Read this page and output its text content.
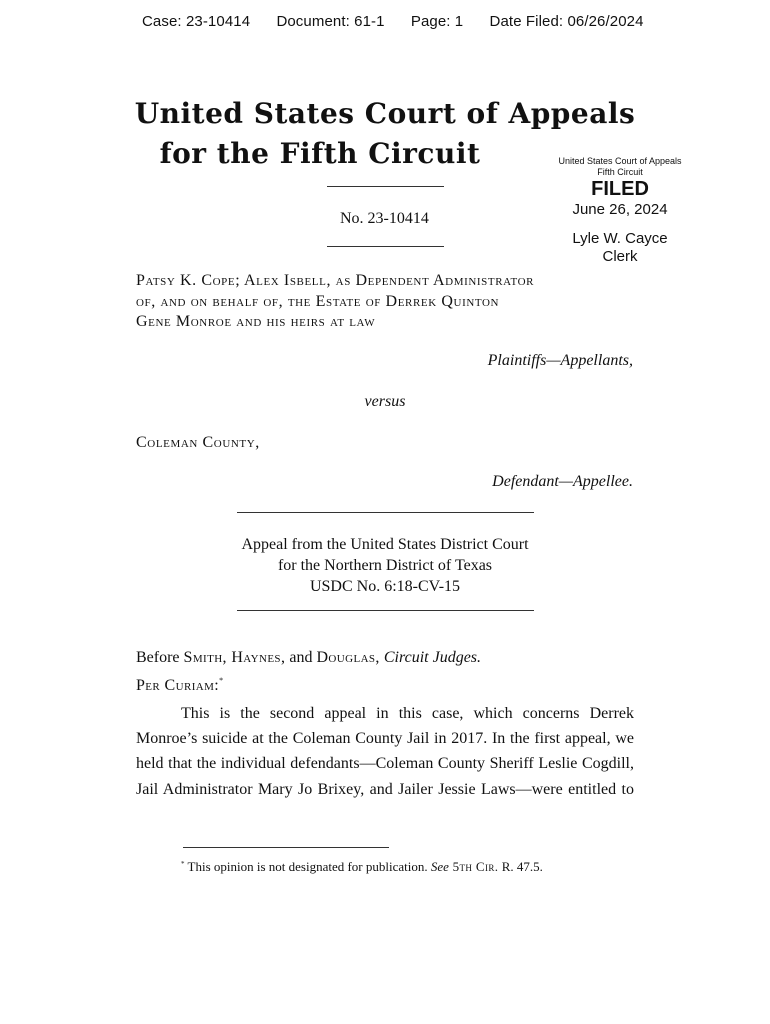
Case: 23-10414 Document: 61-1 Page: 1 Date Filed: 06/26/2024
United States Court of Appeals
for the Fifth Circuit
No. 23-10414
United States Court of Appeals
Fifth Circuit
FILED
June 26, 2024
Lyle W. Cayce
Clerk
Patsy K. Cope; Alex Isbell, as Dependent Administrator
of, and on behalf of, the Estate of Derrek Quinton
Gene Monroe and his heirs at law
Plaintiffs—Appellants,
versus
Coleman County,
Defendant—Appellee.
Appeal from the United States District Court
for the Northern District of Texas
USDC No. 6:18-CV-15
Before Smith, Haynes, and Douglas, Circuit Judges.
Per Curiam:*
This is the second appeal in this case, which concerns Derrek
Monroe’s suicide at the Coleman County Jail in 2017. In the first appeal, we
held that the individual defendants—Coleman County Sheriff Leslie Cogdill,
Jail Administrator Mary Jo Brixey, and Jailer Jessie Laws—were entitled to
* This opinion is not designated for publication. See 5th Cir. R. 47.5.
